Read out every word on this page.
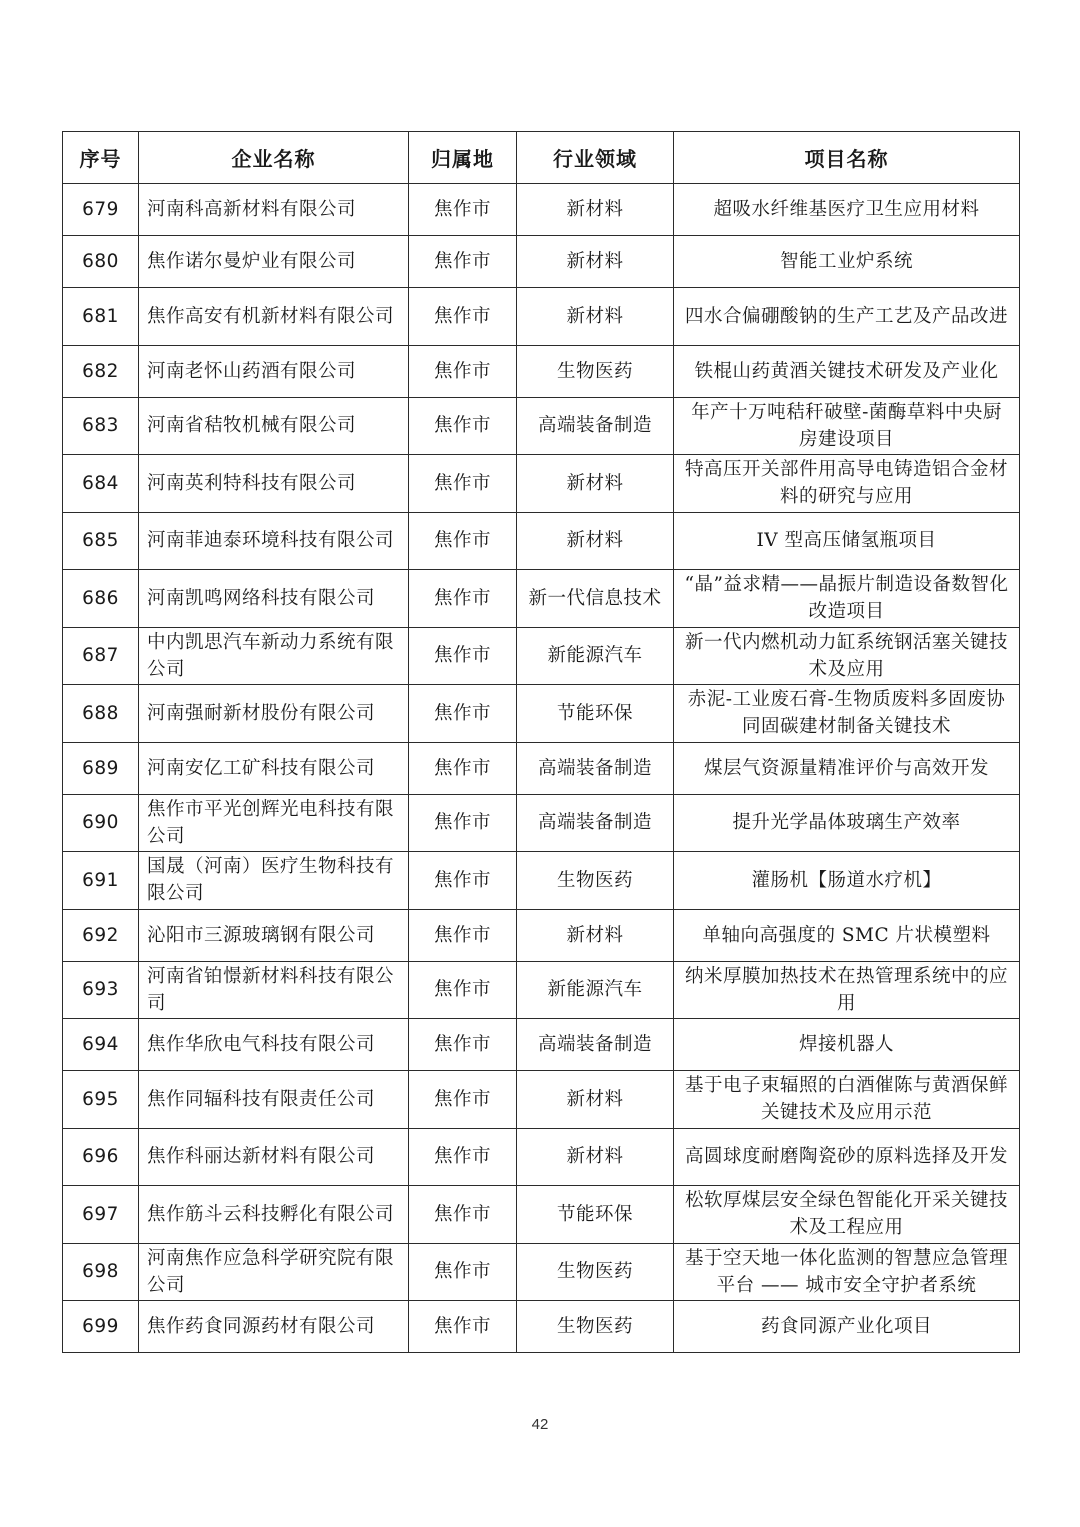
序号	企业名称	归属地	行业领域	项目名称
679	河南科高新材料有限公司	焦作市	新材料	超吸水纤维基医疗卫生应用材料
680	焦作诺尔曼炉业有限公司	焦作市	新材料	智能工业炉系统
681	焦作高安有机新材料有限公司	焦作市	新材料	四水合偏硼酸钠的生产工艺及产品改进
682	河南老怀山药酒有限公司	焦作市	生物医药	铁棍山药黄酒关键技术研发及产业化
683	河南省秸牧机械有限公司	焦作市	高端装备制造	年产十万吨秸秆破壁-菌酶草料中央厨房建设项目
684	河南英利特科技有限公司	焦作市	新材料	特高压开关部件用高导电铸造铝合金材料的研究与应用
685	河南菲迪泰环境科技有限公司	焦作市	新材料	IV 型高压储氢瓶项目
686	河南凯鸣网络科技有限公司	焦作市	新一代信息技术	“晶”益求精——晶振片制造设备数智化改造项目
687	中内凯思汽车新动力系统有限公司	焦作市	新能源汽车	新一代内燃机动力缸系统钢活塞关键技术及应用
688	河南强耐新材股份有限公司	焦作市	节能环保	赤泥-工业废石膏-生物质废料多固废协同固碳建材制备关键技术
689	河南安亿工矿科技有限公司	焦作市	高端装备制造	煤层气资源量精准评价与高效开发
690	焦作市平光创辉光电科技有限公司	焦作市	高端装备制造	提升光学晶体玻璃生产效率
691	国晟（河南）医疗生物科技有限公司	焦作市	生物医药	灌肠机【肠道水疗机】
692	沁阳市三源玻璃钢有限公司	焦作市	新材料	单轴向高强度的 SMC 片状模塑料
693	河南省铂憬新材料科技有限公司	焦作市	新能源汽车	纳米厚膜加热技术在热管理系统中的应用
694	焦作华欣电气科技有限公司	焦作市	高端装备制造	焊接机器人
695	焦作同辐科技有限责任公司	焦作市	新材料	基于电子束辐照的白酒催陈与黄酒保鲜关键技术及应用示范
696	焦作科丽达新材料有限公司	焦作市	新材料	高圆球度耐磨陶瓷砂的原料选择及开发
697	焦作筋斗云科技孵化有限公司	焦作市	节能环保	松软厚煤层安全绿色智能化开采关键技术及工程应用
698	河南焦作应急科学研究院有限公司	焦作市	生物医药	基于空天地一体化监测的智慧应急管理平台 —— 城市安全守护者系统
699	焦作药食同源药材有限公司	焦作市	生物医药	药食同源产业化项目
42
